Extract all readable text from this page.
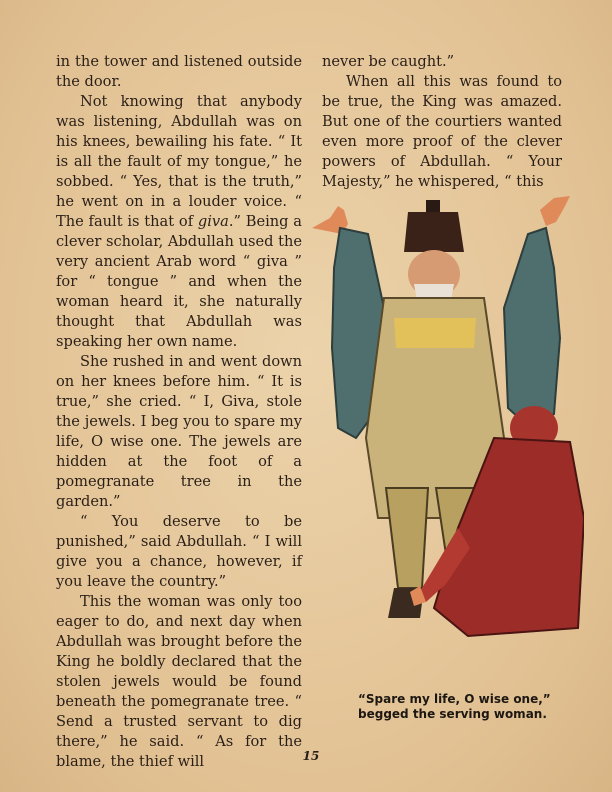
in the tower and listened outside the door.

Not knowing that anybody was listening, Abdullah was on his knees, bewailing his fate. “ It is all the fault of my tongue,” he sobbed. “ Yes, that is the truth,” he went on in a louder voice. “ The fault is that of giva.” Being a clever scholar, Abdullah used the very ancient Arab word “ giva ” for “ tongue ” and when the woman heard it, she naturally thought that Abdullah was speaking her own name.

She rushed in and went down on her knees before him. “ It is true,” she cried. “ I, Giva, stole the jewels. I beg you to spare my life, O wise one. The jewels are hidden at the foot of a pomegranate tree in the garden.”

“ You deserve to be punished,” said Abdullah. “ I will give you a chance, however, if you leave the country.”

This the woman was only too eager to do, and next day when Abdullah was brought before the King he boldly declared that the stolen jewels would be found beneath the pomegranate tree. “ Send a trusted servant to dig there,” he said. “ As for the blame, the thief will

never be caught.”

When all this was found to be true, the King was amazed. But one of the courtiers wanted even more proof of the clever powers of Abdullah. “ Your Majesty,” he whispered, “ this

“Spare my life, O wise one,” begged the serving woman.
15
